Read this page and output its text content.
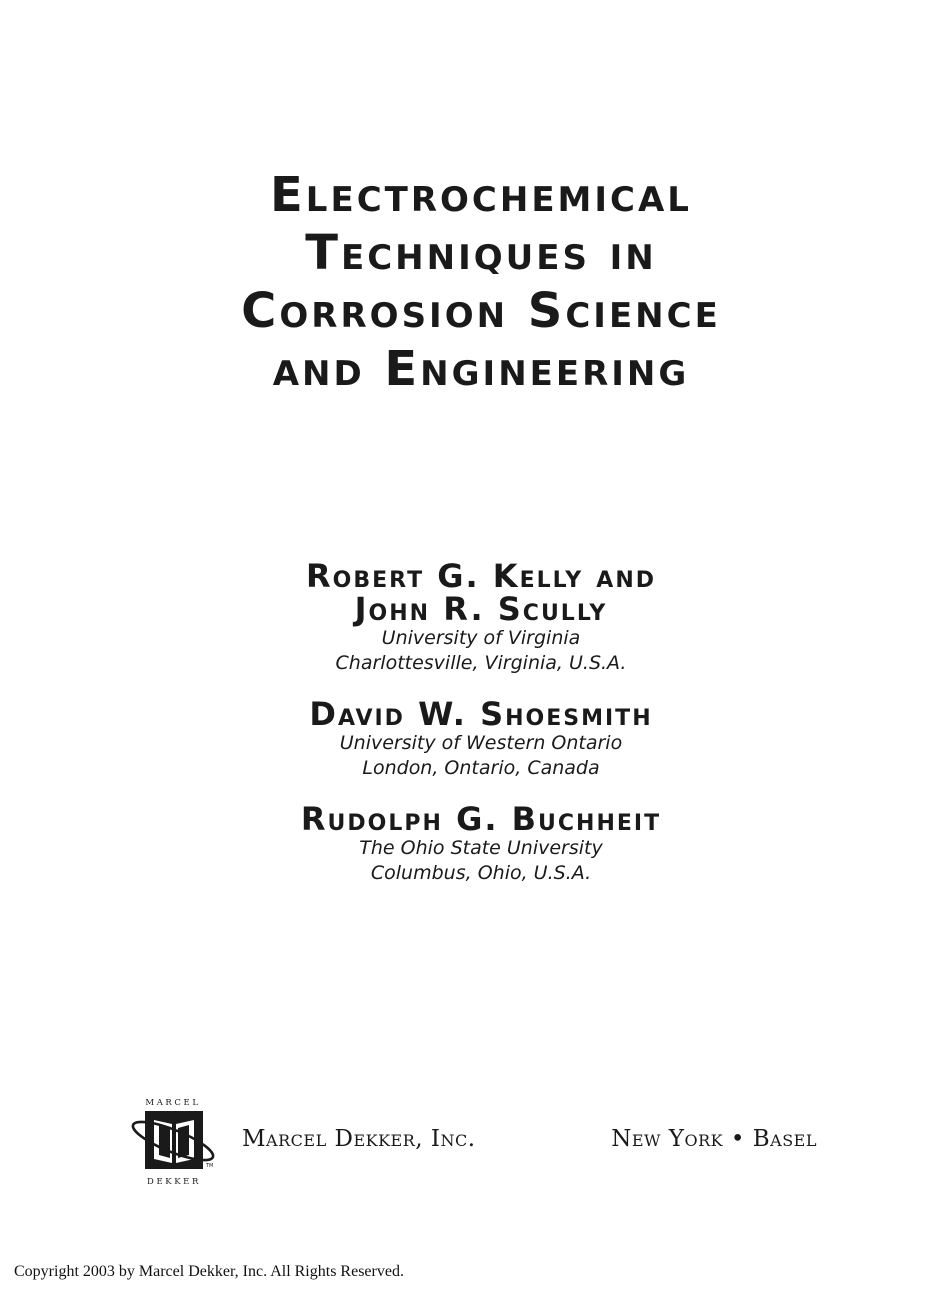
Electrochemical
Techniques in
Corrosion Science
and Engineering
Robert G. Kelly and
John R. Scully
University of Virginia
Charlottesville, Virginia, U.S.A.
David W. Shoesmith
University of Western Ontario
London, Ontario, Canada
Rudolph G. Buchheit
The Ohio State University
Columbus, Ohio, U.S.A.
MARCEL
TM
DEKKER
Marcel Dekker, Inc.	New York • Basel
Copyright 2003 by Marcel Dekker, Inc. All Rights Reserved.
